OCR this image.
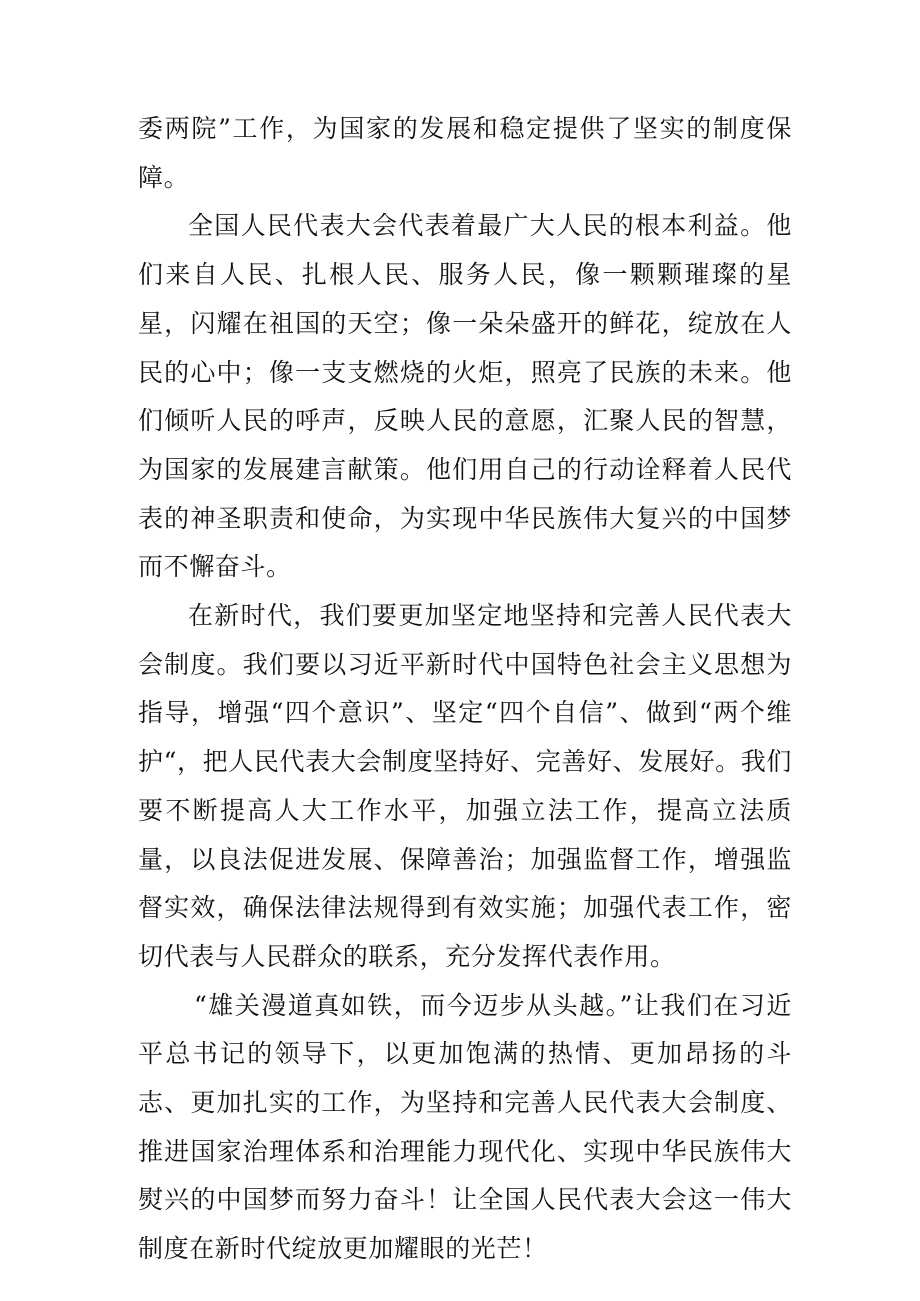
委两院”工作，为国家的发展和稳定提供了坚实的制度保障。

全国人民代表大会代表着最广大人民的根本利益。他们来自人民、扎根人民、服务人民，像一颗颗璀璨的星星，闪耀在祖国的天空；像一朵朵盛开的鲜花，绽放在人民的心中；像一支支燃烧的火炬，照亮了民族的未来。他们倾听人民的呼声，反映人民的意愿，汇聚人民的智慧，为国家的发展建言献策。他们用自己的行动诠释着人民代表的神圣职责和使命，为实现中华民族伟大复兴的中国梦而不懈奋斗。

在新时代，我们要更加坚定地坚持和完善人民代表大会制度。我们要以习近平新时代中国特色社会主义思想为指导，增强“四个意识”、坚定“四个自信”、做到“两个维护“，把人民代表大会制度坚持好、完善好、发展好。我们要不断提高人大工作水平，加强立法工作，提高立法质量，以良法促进发展、保障善治；加强监督工作，增强监督实效，确保法律法规得到有效实施；加强代表工作，密切代表与人民群众的联系，充分发挥代表作用。

“雄关漫道真如铁，而今迈步从头越。”让我们在习近平总书记的领导下，以更加饱满的热情、更加昂扬的斗志、更加扎实的工作，为坚持和完善人民代表大会制度、推进国家治理体系和治理能力现代化、实现中华民族伟大熨兴的中国梦而努力奋斗！让全国人民代表大会这一伟大制度在新时代绽放更加耀眼的光芒！
